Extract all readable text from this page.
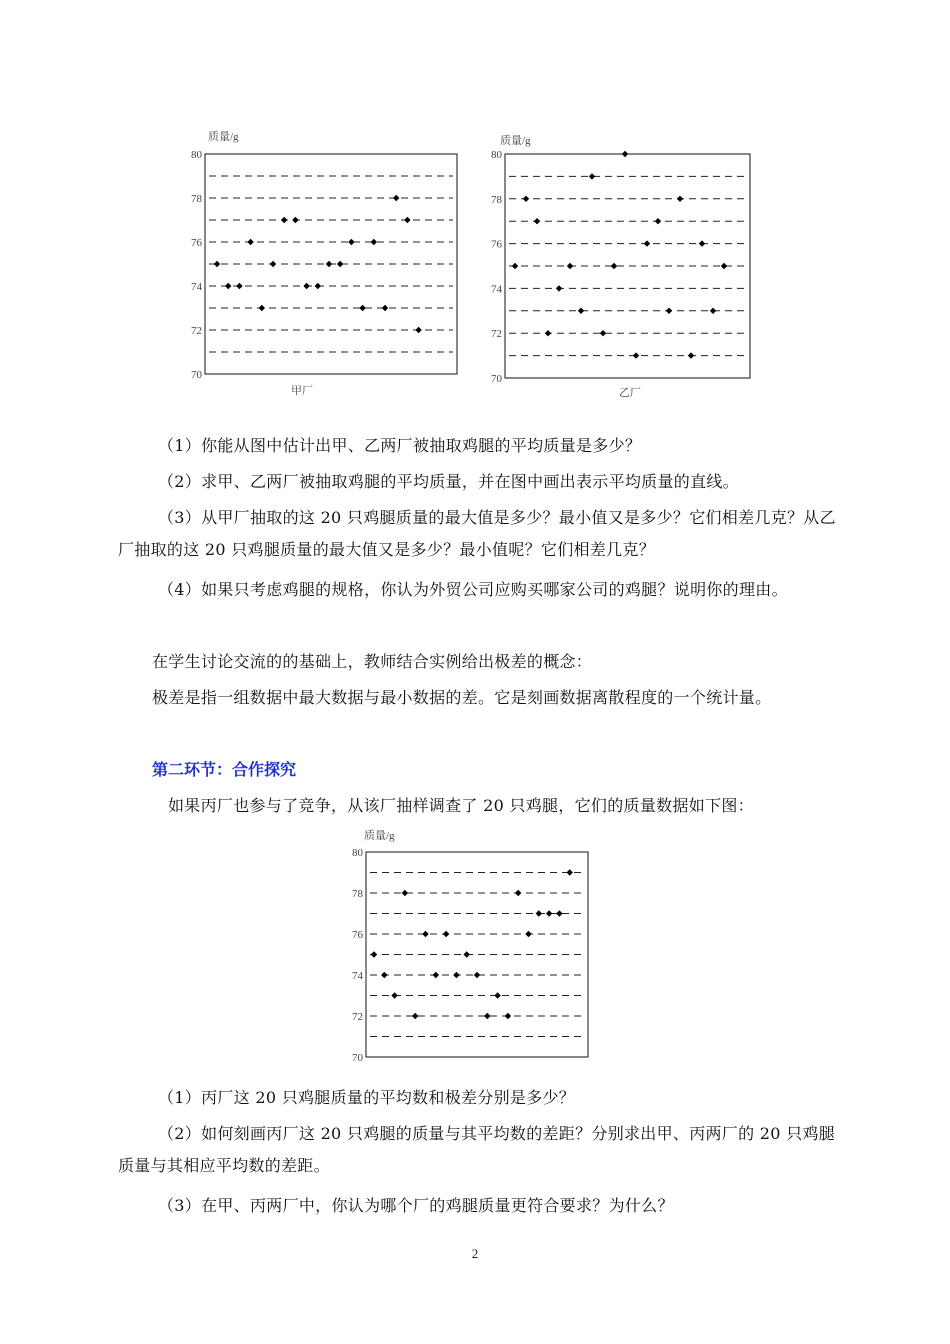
80
78
76
74
72
70
质量/g
甲厂
80
78
76
74
72
70
质量/g
乙厂

（1）你能从图中估计出甲、乙两厂被抽取鸡腿的平均质量是多少？

（2）求甲、乙两厂被抽取鸡腿的平均质量，并在图中画出表示平均质量的直线。

（3）从甲厂抽取的这 20 只鸡腿质量的最大值是多少？最小值又是多少？它们相差几克？从乙厂抽取的这 20 只鸡腿质量的最大值又是多少？最小值呢？它们相差几克？

（4）如果只考虑鸡腿的规格，你认为外贸公司应购买哪家公司的鸡腿？说明你的理由。

在学生讨论交流的的基础上，教师结合实例给出极差的概念：

极差是指一组数据中最大数据与最小数据的差。它是刻画数据离散程度的一个统计量。

第二环节：合作探究

如果丙厂也参与了竞争，从该厂抽样调查了 20 只鸡腿，它们的质量数据如下图：

80
78
76
74
72
70
质量/g

（1）丙厂这 20 只鸡腿质量的平均数和极差分别是多少？

（2）如何刻画丙厂这 20 只鸡腿的质量与其平均数的差距？分别求出甲、丙两厂的 20 只鸡腿质量与其相应平均数的差距。

（3）在甲、丙两厂中，你认为哪个厂的鸡腿质量更符合要求？为什么？

2
